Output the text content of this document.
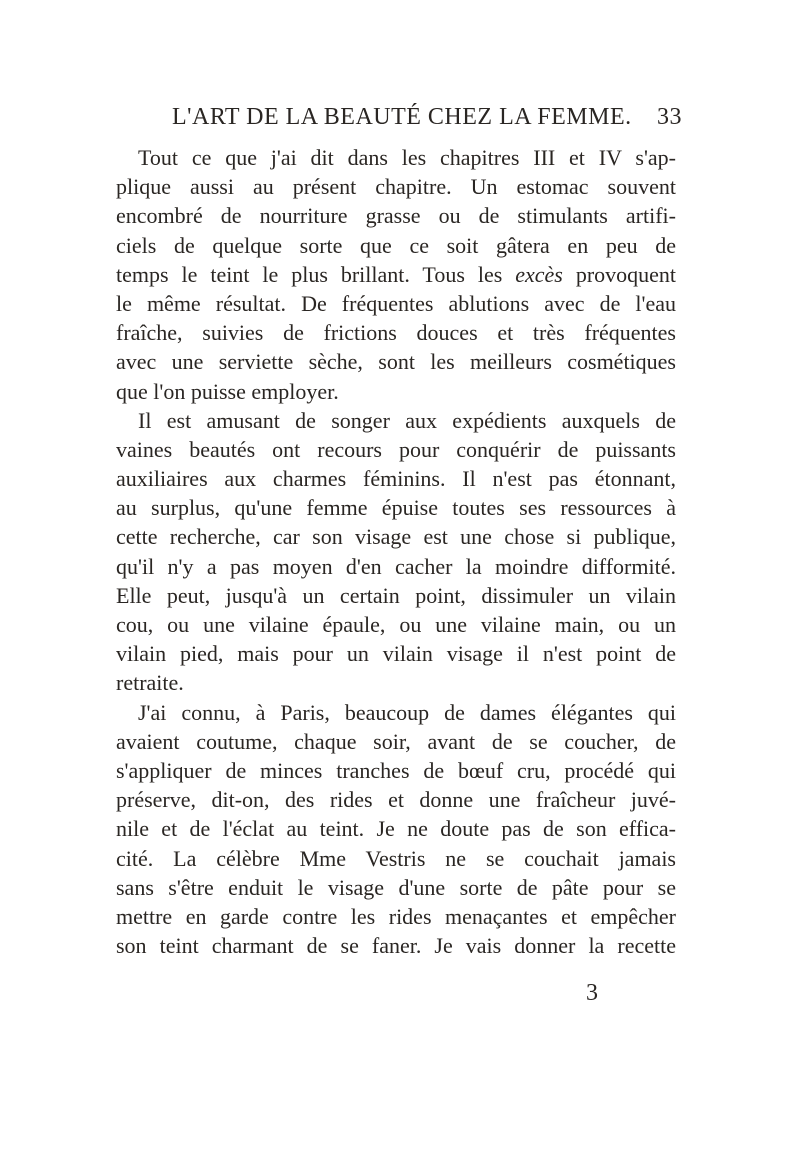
L'ART DE LA BEAUTÉ CHEZ LA FEMME. 33
Tout ce que j'ai dit dans les chapitres III et IV s'ap-
plique aussi au présent chapitre. Un estomac souvent
encombré de nourriture grasse ou de stimulants artifi-
ciels de quelque sorte que ce soit gâtera en peu de
temps le teint le plus brillant. Tous les excès provoquent
le même résultat. De fréquentes ablutions avec de l'eau
fraîche, suivies de frictions douces et très fréquentes
avec une serviette sèche, sont les meilleurs cosmétiques
que l'on puisse employer.
Il est amusant de songer aux expédients auxquels de
vaines beautés ont recours pour conquérir de puissants
auxiliaires aux charmes féminins. Il n'est pas étonnant,
au surplus, qu'une femme épuise toutes ses ressources à
cette recherche, car son visage est une chose si publique,
qu'il n'y a pas moyen d'en cacher la moindre difformité.
Elle peut, jusqu'à un certain point, dissimuler un vilain
cou, ou une vilaine épaule, ou une vilaine main, ou un
vilain pied, mais pour un vilain visage il n'est point de
retraite.
J'ai connu, à Paris, beaucoup de dames élégantes qui
avaient coutume, chaque soir, avant de se coucher, de
s'appliquer de minces tranches de bœuf cru, procédé qui
préserve, dit-on, des rides et donne une fraîcheur juvé-
nile et de l'éclat au teint. Je ne doute pas de son effica-
cité. La célèbre Mme Vestris ne se couchait jamais
sans s'être enduit le visage d'une sorte de pâte pour se
mettre en garde contre les rides menaçantes et empêcher
son teint charmant de se faner. Je vais donner la recette
3
